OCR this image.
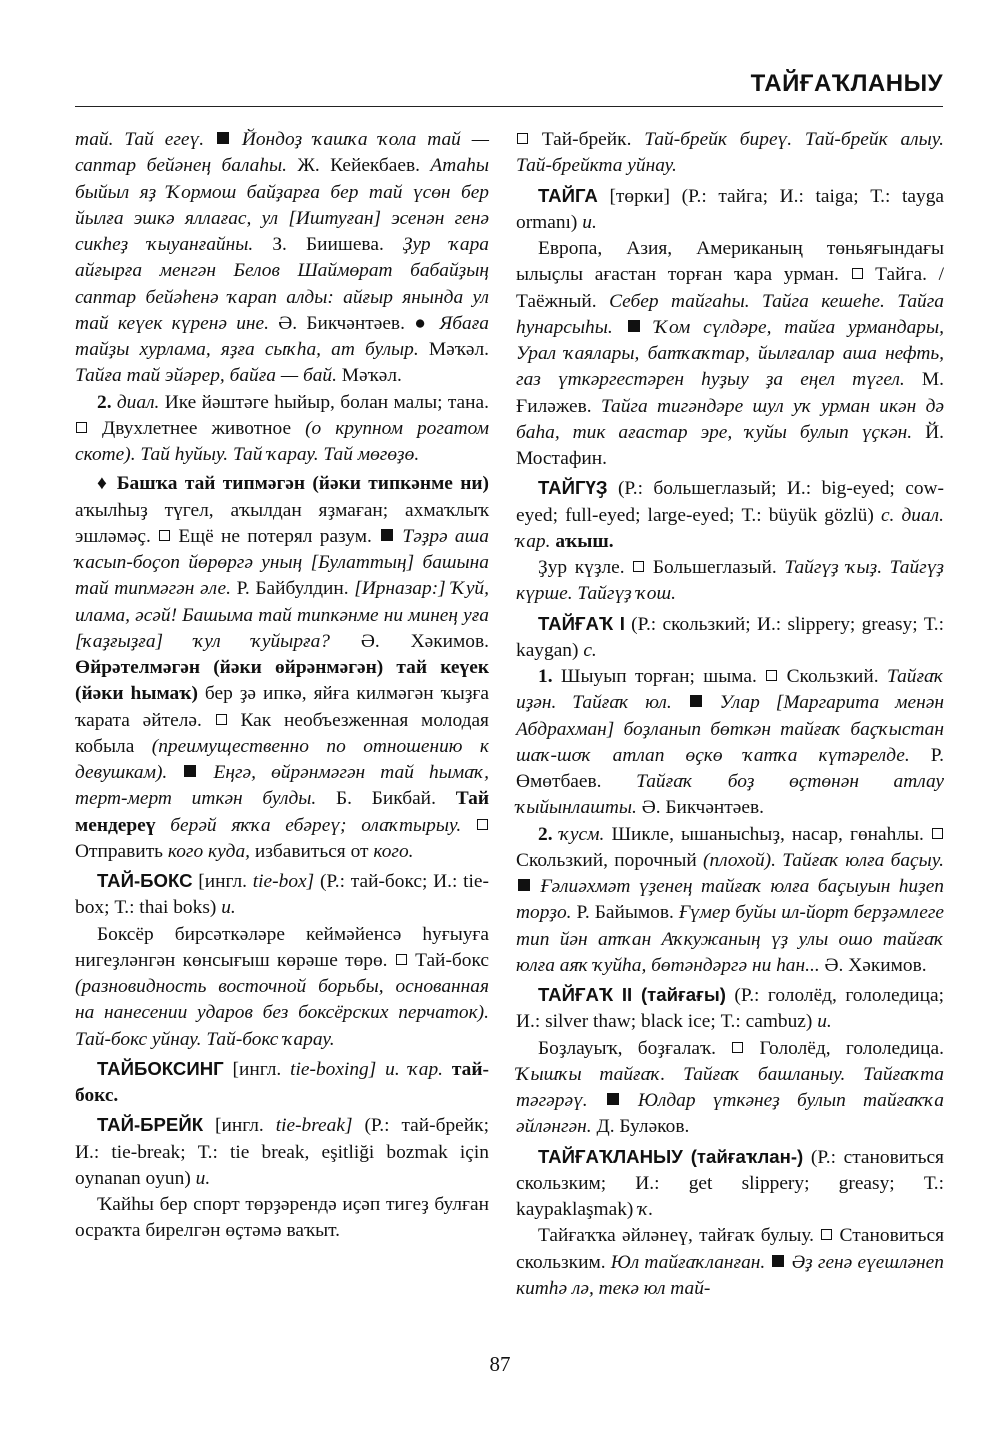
ТАЙҒАҠЛАНЫУ

тай. Тай егеү. Йондоҙ ҡашҡа ҡола тай — саптар бейәнең балаһы. Ж. Кейекбаев. Атаһы быйыл яҙ Ҡормош байҙарға бер тай үсөн бер йылға эшкә яллағас, ул [Иштуған] эсенән генә сикһеҙ ҡыуанғайны. З. Биишева. Ҙур ҡара айғырға менгән Белов Шаймөрат бабайҙың саптар бейәһенә ҡарап алды: айғыр янында ул тай кеүек күренә ине. Ә. Бикчәнтәев. ● Ябаға тайҙы хурлама, яҙға сыҡһа, ат булыр. Мәҡәл. Тайға тай эйәрер, байға — бай. Мәҡәл.

2. диал. Ике йәштәге һыйыр, болан малы; тана.  Двухлетнее животное (о крупном рогатом скоте). Тай һуйыу. Тай ҡарау. Тай мөгөҙө.

♦ Башҡа тай типмәгән (йәки типкәнме ни) аҡылһыҙ түгел, аҡылдан яҙмаған; ахмаҡлыҡ эшләмәҫ. Ещё не потерял разум. Тәҙрә аша ҡасып-боҫоп йөрөргә уның [Булаттың] башына тай типмәгән әле. Р. Байбулдин. [Ирназар:] Ҡуй, илама, әсәй! Башыма тай типкәнме ни минең уға [ҡаҙғыҙға] ҡул ҡуйырға? Ә. Хәкимов. Өйрәтелмәгән (йәки өйрәнмәгән) тай кеүек (йәки һымаҡ) бер ҙә ипкә, яйға килмәгән ҡыҙға ҡарата әйтелә. Как необъезженная молодая кобыла (преимущественно по отношению к девушкам). Еңгә, өйрәнмәгән тай һымаҡ, терт-мерт иткән булды. Б. Бикбай. Тай мендереү берәй яҡҡа ебәреү; олаҡтырыу.  Отправить кого куда, избавиться от кого.

ТАЙ-БОКС [ингл. tie-box] (Р.: тай-бокс; И.: tie-box; Т.: thai boks) и.

Боксёр бирсәткәләре кеймәйенсә һуғыуға нигеҙләнгән көнсығыш көрәше төрө. Тай-бокс (разновидность восточной борьбы, основанная на нанесении ударов без боксёрских перчаток). Тай-бокс уйнау. Тай-бокс ҡарау.

ТАЙБОКСИНГ [ингл. tie-boxing] и. ҡар. тай-бокс.

ТАЙ-БРЕЙК [ингл. tie-break] (Р.: тай-брейк; И.: tie-break; Т.: tie break, eşitliği bozmak için oynanan oyun) и.

Ҡайһы бер спорт төрҙәрендә иҫәп тигеҙ булған осраҡта бирелгән өҫтәмә ваҡыт.

Тай-брейк. Тай-брейк биреү. Тай-брейк алыу. Тай-брейкта уйнау.

ТАЙГА [төрки] (Р.: тайга; И.: taiga; Т.: tayga ormanı) и.

Европа, Азия, Американың төньяғындағы ылыҫлы ағастан торған ҡара урман. Тайга. / Таёжный. Себер тайгаһы. Тайга кешеһе. Тайга һунарсыһы. Ҡом сүлдәре, тайга урмандары, Урал ҡаялары, батҡаҡтар, йылғалар аша нефть, газ үткәргестәрен һуҙыу ҙа еңел түгел. М. Ғиләжев. Тайга тигәндәре шул уҡ урман икән дә баһа, тик ағастар эре, ҡуйы булып үҫкән. Й. Мостафин.

ТАЙГҮҘ (Р.: большеглазый; И.: big-eyed; cow-eyed; full-eyed; large-eyed; Т.: büyük gözlü) с. диал. ҡар. аҡыш.

Ҙур күҙле. Большеглазый. Тайгүҙ ҡыҙ. Тайгүҙ күрше. Тайгүҙ ҡош.

ТАЙҒАҠ I (Р.: скользкий; И.: slippery; greasy; Т.: kaygan) с.

1. Шыуып торған; шыма. Скользкий. Тайғаҡ иҙән. Тайғаҡ юл. Улар [Маргарита менән Абдрахман] боҙланып бөткән тайғаҡ баҫҡыстан шаҡ-шоҡ атлап өҫкө ҡатҡа күтәрелде. Р. Өмөтбаев. Тайғаҡ боҙ өҫтөнән атлау ҡыйынлашты. Ә. Бикчәнтәев.

2. ҡусм. Шикле, ышанысһыҙ, насар, гөнаһлы.  Скользкий, порочный (плохой). Тайғаҡ юлға баҫыу.  Ғәлиәхмәт үҙенең тайғаҡ юлға баҫыуын һиҙеп торҙо. Р. Байымов. Ғүмер буйы ил-йорт берҙәмлеге тип йән атҡан Аҡкужаның үҙ улы ошо тайғаҡ юлға аяҡ ҡуйһа, бөтәндәргә ни һан... Ә. Хәкимов.

ТАЙҒАҠ II (тайғағы) (Р.: гололёд, гололедица; И.: silver thaw; black ice; Т.: cambuz) и.

Боҙлауыҡ, боҙғалаҡ. Гололёд, гололедица. Ҡышҡы тайғаҡ. Тайғаҡ башланыу. Тайғаҡта тәгәрәү.	Юлдар үткәнеҙ булып тайғаҡҡа әйләнгән. Д. Буләков.

ТАЙҒАҠЛАНЫУ (тайғаҡлан-) (Р.: становиться скользким; И.: get slippery; greasy; Т.: kaypaklaşmak) ҡ.

Тайғаҡҡа әйләнеү, тайғаҡ булыу. Становиться скользким. Юл тайғаҡланған. Әҙ генә еүешләнеп китһә лә, текә юл тай-

87
